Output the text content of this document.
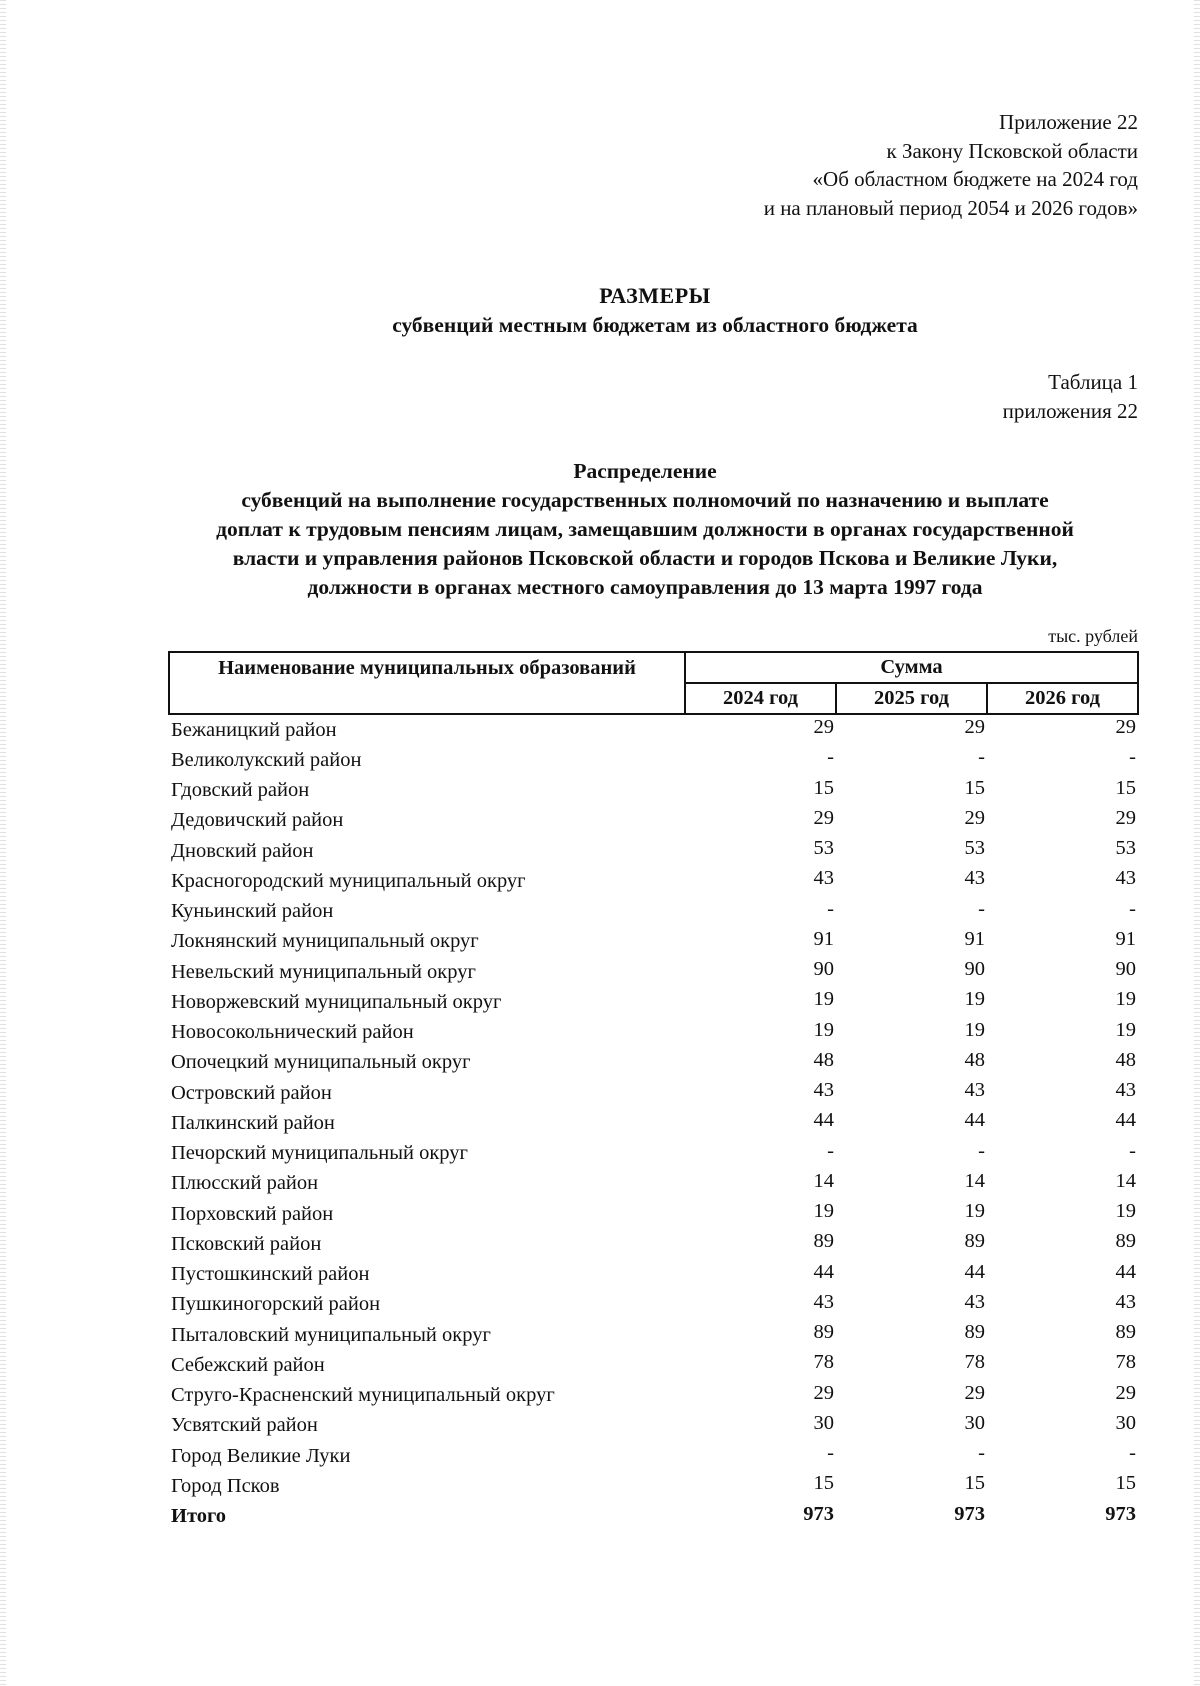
Приложение 22
к Закону Псковской области
«Об областном бюджете на 2024 год
и на плановый период 2054 и 2026 годов»
РАЗМЕРЫ
субвенций местным бюджетам из областного бюджета
Таблица 1
приложения 22
Распределение
субвенций на выполнение государственных полномочий по назначению и выплате
доплат к трудовым пенсиям лицам, замещавшим должности в органах государственной
власти и управления районов Псковской области и городов Пскова и Великие Луки,
должности в органах местного самоуправления до 13 марта 1997 года
тыс. рублей
Наименование муниципальных образований	Сумма		
	2024 год	2025 год	2026 год
Бежаницкий район	29	29	29
Великолукский район	-	-	-
Гдовский район	15	15	15
Дедовичский район	29	29	29
Дновский район	53	53	53
Красногородский муниципальный округ	43	43	43
Куньинский район	-	-	-
Локнянский муниципальный округ	91	91	91
Невельский муниципальный округ	90	90	90
Новоржевский муниципальный округ	19	19	19
Новосокольнический район	19	19	19
Опочецкий муниципальный округ	48	48	48
Островский район	43	43	43
Палкинский район	44	44	44
Печорский муниципальный округ	-	-	-
Плюсский район	14	14	14
Порховский район	19	19	19
Псковский район	89	89	89
Пустошкинский район	44	44	44
Пушкиногорский район	43	43	43
Пыталовский муниципальный округ	89	89	89
Себежский район	78	78	78
Струго-Красненский муниципальный округ	29	29	29
Усвятский район	30	30	30
Город Великие Луки	-	-	-
Город Псков	15	15	15
Итого	973	973	973
